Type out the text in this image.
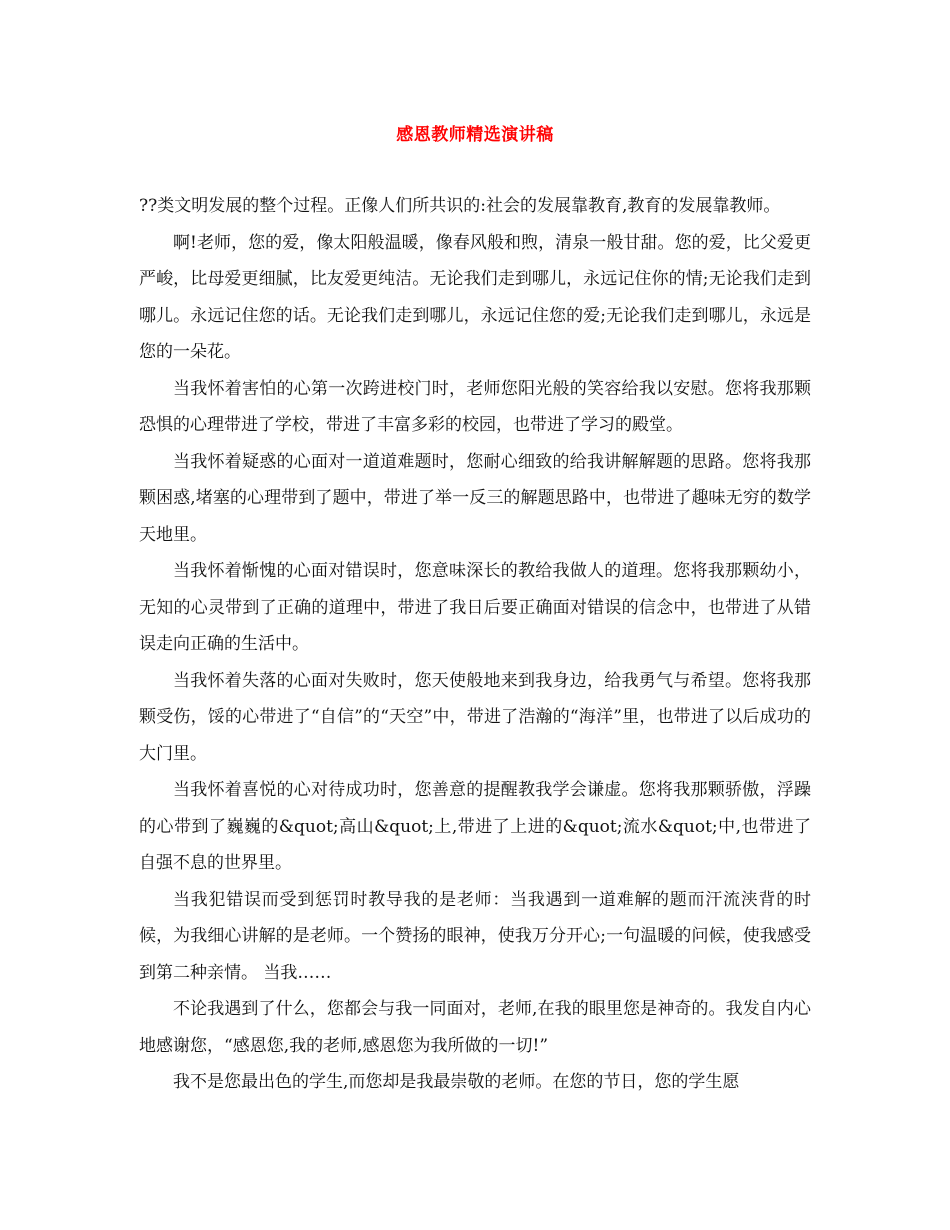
感恩教师精选演讲稿

??类文明发展的整个过程。正像人们所共识的:社会的发展靠教育,教育的发展靠教师。

啊!老师，您的爱，像太阳般温暖，像春风般和煦，清泉一般甘甜。您的爱，比父爱更严峻，比母爱更细腻，比友爱更纯洁。无论我们走到哪儿，永远记住你的情;无论我们走到哪儿。永远记住您的话。无论我们走到哪儿，永远记住您的爱;无论我们走到哪儿，永远是您的一朵花。

当我怀着害怕的心第一次跨进校门时，老师您阳光般的笑容给我以安慰。您将我那颗恐惧的心理带进了学校，带进了丰富多彩的校园，也带进了学习的殿堂。

当我怀着疑惑的心面对一道道难题时，您耐心细致的给我讲解解题的思路。您将我那颗困惑,堵塞的心理带到了题中，带进了举一反三的解题思路中，也带进了趣味无穷的数学天地里。

当我怀着惭愧的心面对错误时，您意味深长的教给我做人的道理。您将我那颗幼小，无知的心灵带到了正确的道理中，带进了我日后要正确面对错误的信念中，也带进了从错误走向正确的生活中。

当我怀着失落的心面对失败时，您天使般地来到我身边，给我勇气与希望。您将我那颗受伤，馁的心带进了“自信”的“天空”中，带进了浩瀚的“海洋”里，也带进了以后成功的大门里。

当我怀着喜悦的心对待成功时，您善意的提醒教我学会谦虚。您将我那颗骄傲，浮躁的心带到了巍巍的&quot;高山&quot;上,带进了上进的&quot;流水&quot;中,也带进了自强不息的世界里。

当我犯错误而受到惩罚时教导我的是老师：当我遇到一道难解的题而汗流浃背的时候，为我细心讲解的是老师。一个赞扬的眼神，使我万分开心;一句温暖的问候，使我感受到第二种亲情。 当我……

不论我遇到了什么，您都会与我一同面对，老师,在我的眼里您是神奇的。我发自内心地感谢您，“感恩您,我的老师,感恩您为我所做的一切!”

我不是您最出色的学生,而您却是我最崇敬的老师。在您的节日，您的学生愿
